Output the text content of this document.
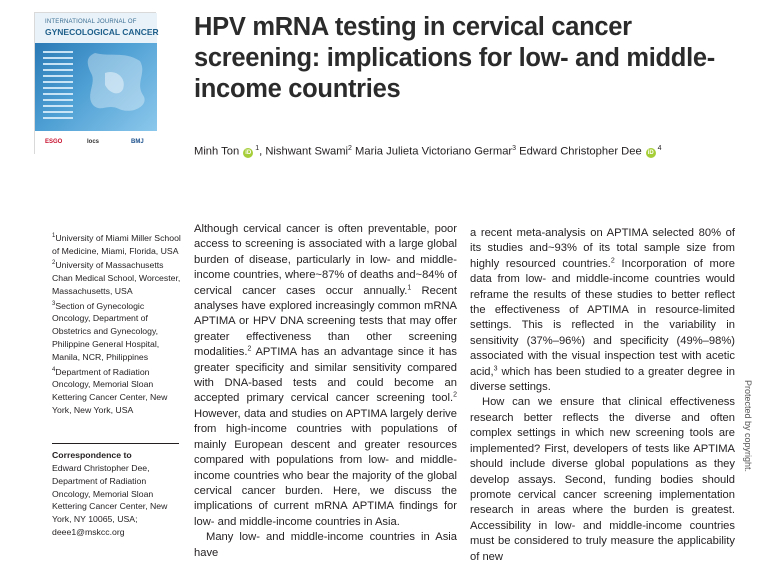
INTERNATIONAL JOURNAL OF
GYNECOLOGICAL CANCER
ESGO	Iocs	BMJ
HPV mRNA testing in cervical cancer screening: implications for low- and middle-income countries
Minh Ton $iD^1$, Nishwant Swami$^2$ Maria Julieta Victoriano Germar$^3$ Edward Christopher Dee $iD^4$

$^1$University of Miami Miller School of Medicine, Miami, Florida, USA

$^2$University of Massachusetts Chan Medical School, Worcester, Massachusetts, USA

$^3$Section of Gynecologic Oncology, Department of Obstetrics and Gynecology, Philippine General Hospital, Manila, NCR, Philippines

$^4$Department of Radiation Oncology, Memorial Sloan Kettering Cancer Center, New York, New York, USA

Correspondence to
Edward Christopher Dee, Department of Radiation Oncology, Memorial Sloan Kettering Cancer Center, New York, NY 10065, USA; deee1@mskcc.org

Although cervical cancer is often preventable, poor access to screening is associated with a large global burden of disease, particularly in low- and middle-income countries, where~87% of deaths and~84% of cervical cancer cases occur annually.$^1$ Recent analyses have explored increasingly common mRNA APTIMA or HPV DNA screening tests that may offer greater effectiveness than other screening modalities.$^2$ APTIMA has an advantage since it has greater specificity and similar sensitivity compared with DNA-based tests and could become an accepted primary cervical cancer screening tool.$^2$ However, data and studies on APTIMA largely derive from high-income countries with populations of mainly European descent and greater resources compared with populations from low- and middle-income countries who bear the majority of the global cervical cancer burden. Here, we discuss the implications of current mRNA APTIMA findings for low- and middle-income countries in Asia.

Many low- and middle-income countries in Asia have

a recent meta-analysis on APTIMA selected 80% of its studies and~93% of its total sample size from highly resourced countries.$^2$ Incorporation of more data from low- and middle-income countries would reframe the results of these studies to better reflect the effectiveness of APTIMA in resource-limited settings. This is reflected in the variability in sensitivity (37%–96%) and specificity (49%–98%) associated with the visual inspection test with acetic acid,$^3$ which has been studied to a greater degree in diverse settings.

How can we ensure that clinical effectiveness research better reflects the diverse and often complex settings in which new screening tools are implemented? First, developers of tests like APTIMA should include diverse global populations as they develop assays. Second, funding bodies should promote cervical cancer screening implementation research in areas where the burden is greatest. Accessibility in low- and middle-income countries must be considered to truly measure the applicability of new

Protected by copyright.
